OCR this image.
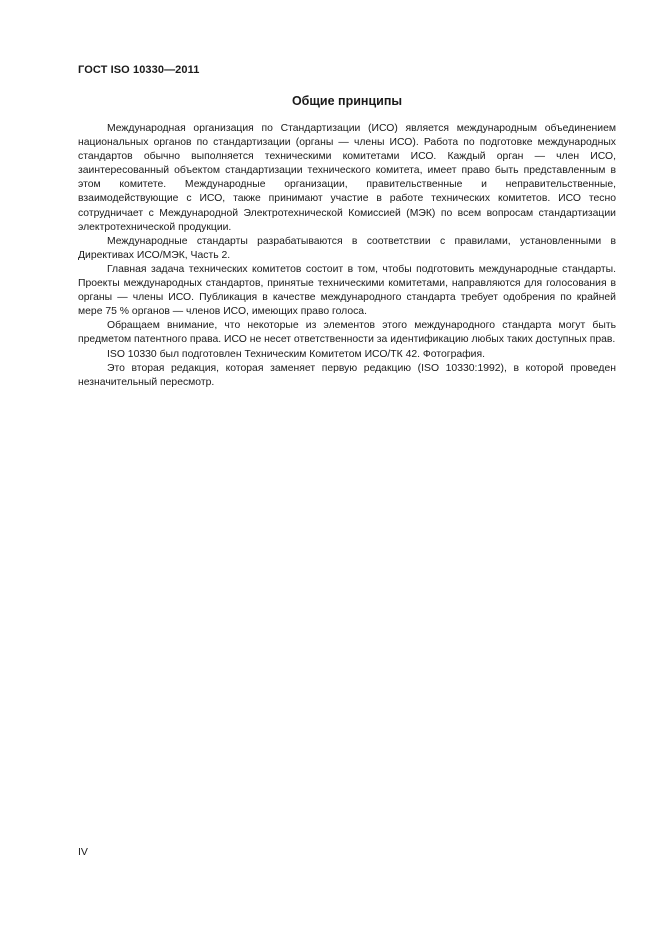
ГОСТ ISO 10330—2011
Общие принципы

Международная организация по Стандартизации (ИСО) является международным объединением национальных органов по стандартизации (органы — члены ИСО). Работа по подготовке международных стандартов обычно выполняется техническими комитетами ИСО. Каждый орган — член ИСО, заинтересованный объектом стандартизации технического комитета, имеет право быть представленным в этом комитете. Международные организации, правительственные и неправительственные, взаимодействующие с ИСО, также принимают участие в работе технических комитетов. ИСО тесно сотрудничает с Международной Электротехнической Комиссией (МЭК) по всем вопросам стандартизации электротехнической продукции.

Международные стандарты разрабатываются в соответствии с правилами, установленными в Директивах ИСО/МЭК, Часть 2.

Главная задача технических комитетов состоит в том, чтобы подготовить международные стандарты. Проекты международных стандартов, принятые техническими комитетами, направляются для голосования в органы — члены ИСО. Публикация в качестве международного стандарта требует одобрения по крайней мере 75 % органов — членов ИСО, имеющих право голоса.

Обращаем внимание, что некоторые из элементов этого международного стандарта могут быть предметом патентного права. ИСО не несет ответственности за идентификацию любых таких доступных прав.

ISO 10330 был подготовлен Техническим Комитетом ИСО/ТК 42. Фотография.

Это вторая редакция, которая заменяет первую редакцию (ISO 10330:1992), в которой проведен незначительный пересмотр.

IV
